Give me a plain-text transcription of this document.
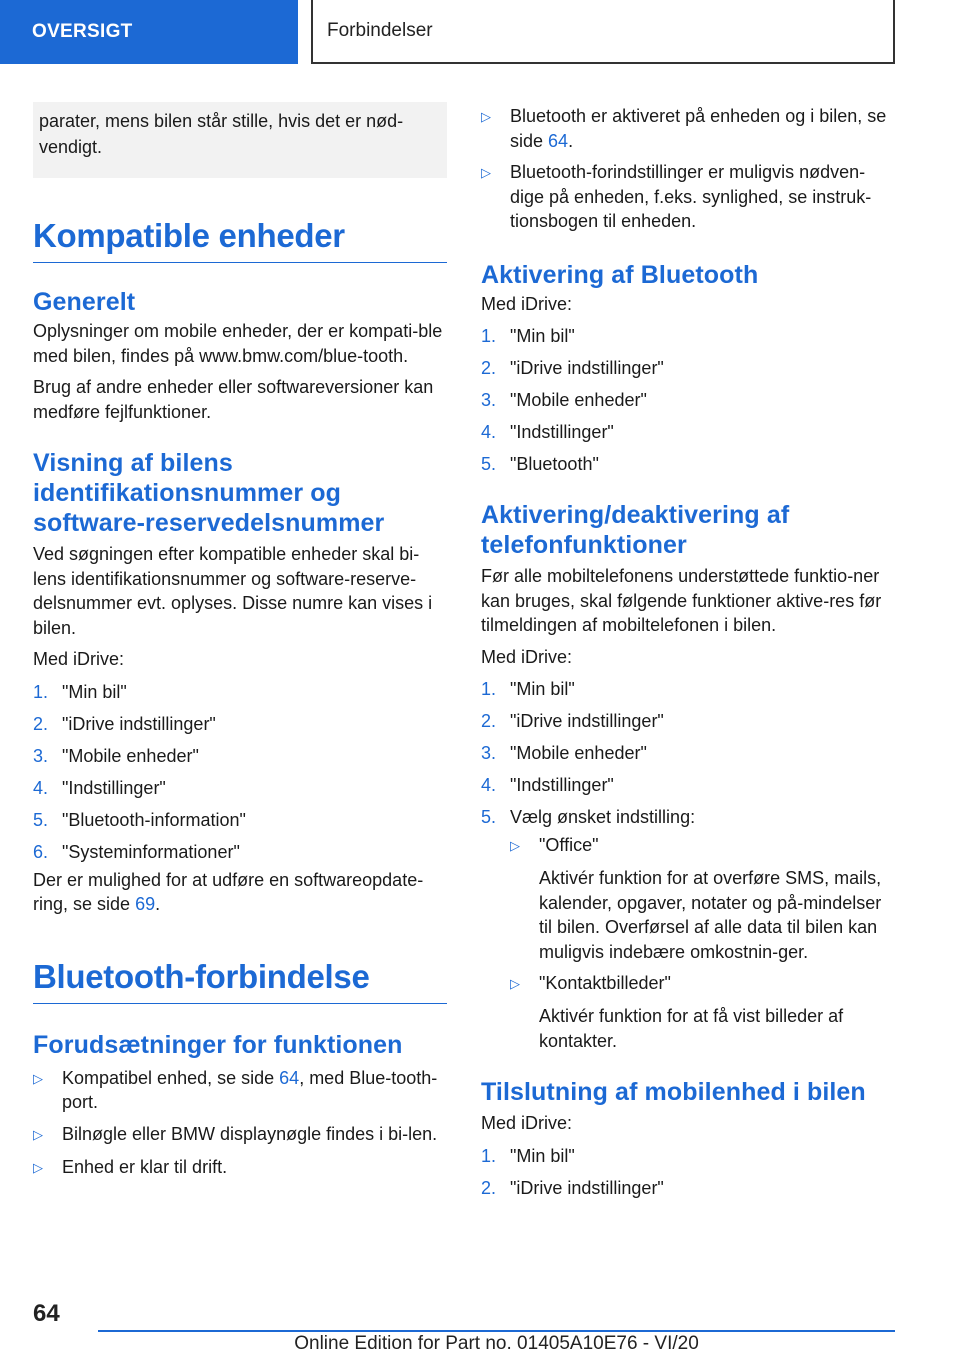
OVERSIGT	Forbindelser
parater, mens bilen står stille, hvis det er nød-vendigt.
Kompatible enheder
Generelt

Oplysninger om mobile enheder, der er kompati-ble med bilen, findes på www.bmw.com/blue-tooth.

Brug af andre enheder eller softwareversioner kan medføre fejlfunktioner.

Visning af bilens identifikationsnummer og software-reservedelsnummer

Ved søgningen efter kompatible enheder skal bi-lens identifikationsnummer og software-reserve-delsnummer evt. oplyses. Disse numre kan vises i bilen.

Med iDrive:

1. "Min bil"
2. "iDrive indstillinger"
3. "Mobile enheder"
4. "Indstillinger"
5. "Bluetooth-information"
6. "Systeminformationer"

Der er mulighed for at udføre en softwareopdate-ring, se side 69.

Bluetooth-forbindelse
Forudsætninger for funktionen
▷	Kompatibel enhed, se side 64, med Blue-tooth-port.
▷	Bilnøgle eller BMW displaynøgle findes i bi-len.
▷	Enhed er klar til drift.
▷	Bluetooth er aktiveret på enheden og i bilen, se side 64.
▷	Bluetooth-forindstillinger er muligvis nødven-dige på enheden, f.eks. synlighed, se instruk-tionsbogen til enheden.
Aktivering af Bluetooth

Med iDrive:

1. "Min bil"
2. "iDrive indstillinger"
3. "Mobile enheder"
4. "Indstillinger"
5. "Bluetooth"
Aktivering/deaktivering af telefonfunktioner

Før alle mobiltelefonens understøttede funktio-ner kan bruges, skal følgende funktioner aktive-res før tilmeldingen af mobiltelefonen i bilen.

Med iDrive:

1. "Min bil"
2. "iDrive indstillinger"
3. "Mobile enheder"
4. "Indstillinger"
5. Vælg ønsket indstilling:
▷	"Office"

Aktivér funktion for at overføre SMS, mails, kalender, opgaver, notater og på-mindelser til bilen. Overførsel af alle data til bilen kan muligvis indebære omkostnin-ger.

▷	"Kontaktbilleder"

Aktivér funktion for at få vist billeder af kontakter.

Tilslutning af mobilenhed i bilen

Med iDrive:

1. "Min bil"
2. "iDrive indstillinger"
64
Online Edition for Part no. 01405A10E76 - VI/20
